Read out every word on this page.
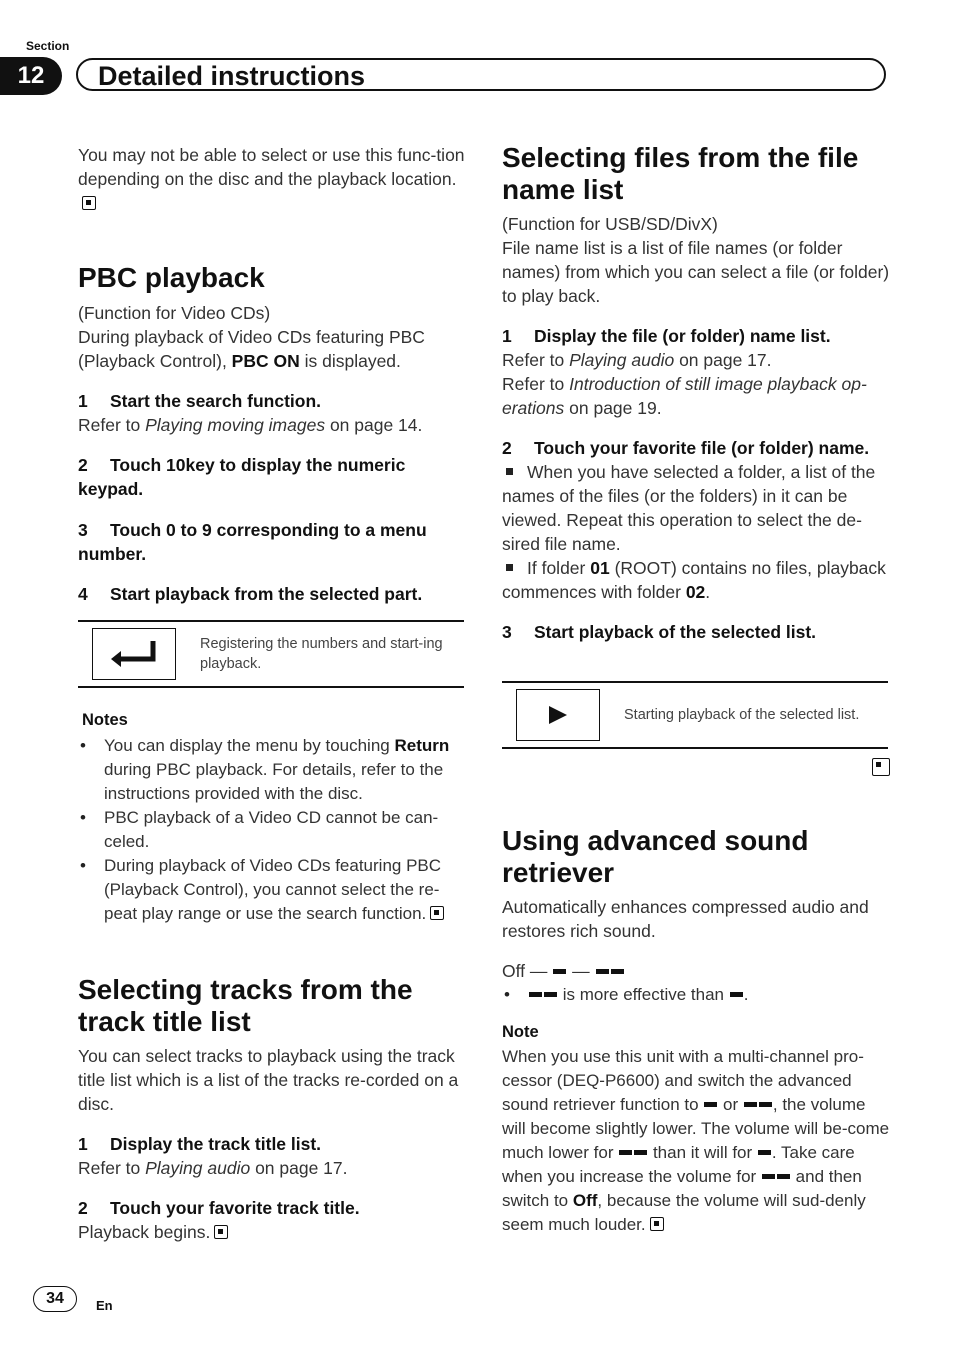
Section
12	Detailed instructions

You may not be able to select or use this func-tion depending on the disc and the playback location.

PBC playback

(Function for Video CDs)

During playback of Video CDs featuring PBC (Playback Control), PBC ON is displayed.

1 Start the search function.

Refer to Playing moving images on page 14.

2 Touch 10key to display the numeric keypad.

3 Touch 0 to 9 corresponding to a menu number.

4 Start playback from the selected part.

Registering the numbers and start-ing playback.

Notes

• You can display the menu by touching Return during PBC playback. For details, refer to the instructions provided with the disc.
• PBC playback of a Video CD cannot be can-celed.
• During playback of Video CDs featuring PBC (Playback Control), you cannot select the re-peat play range or use the search function.
Selecting tracks from the track title list

You can select tracks to playback using the track title list which is a list of the tracks re-corded on a disc.

1 Display the track title list.

Refer to Playing audio on page 17.

2 Touch your favorite track title.

Playback begins.

Selecting files from the file name list

(Function for USB/SD/DivX)

File name list is a list of file names (or folder names) from which you can select a file (or folder) to play back.

1 Display the file (or folder) name list.

Refer to Playing audio on page 17.

Refer to Introduction of still image playback op-erations on page 19.

2 Touch your favorite file (or folder) name.

When you have selected a folder, a list of the names of the files (or the folders) in it can be viewed. Repeat this operation to select the de-sired file name.

If folder 01 (ROOT) contains no files, playback commences with folder 02.

3 Start playback of the selected list.

Starting playback of the selected list.
Using advanced sound retriever

Automatically enhances compressed audio and restores rich sound.

Off — —

• is more effective than .

Note

When you use this unit with a multi-channel pro-cessor (DEQ-P6600) and switch the advanced sound retriever function to or , the volume will become slightly lower. The volume will be-come much lower for than it will for . Take care when you increase the volume for and then switch to Off, because the volume will sud-denly seem much louder.

34	En
